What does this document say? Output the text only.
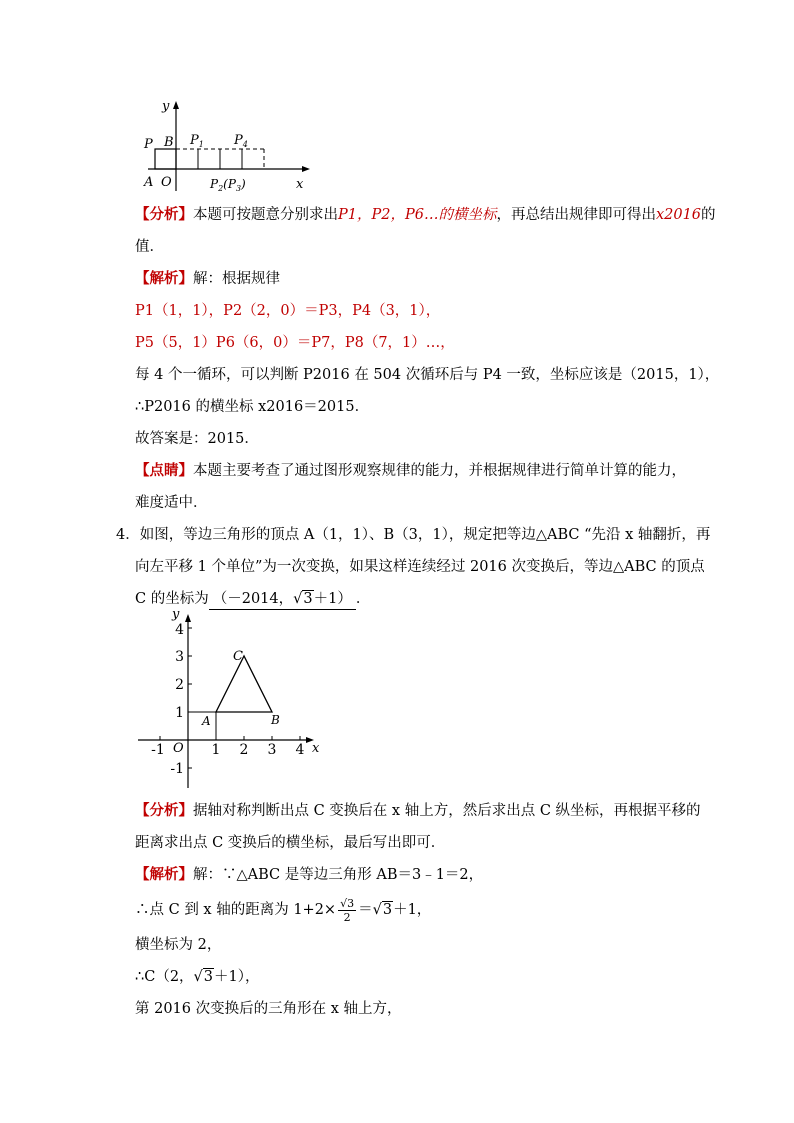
y
x
P B
A O
$P_1$ $P_4$
$P_2(P_3)$
【分析】本题可按题意分别求出P1，P2，P6…的横坐标，再总结出规律即可得出x2016的
值．
【解析】解：根据规律
P1（1，1），P2（2，0）＝P3，P4（3，1），
P5（5，1）P6（6，0）＝P7，P8（7，1）…，
每 4 个一循环，可以判断 P2016 在 504 次循环后与 P4 一致，坐标应该是（2015，1），
∴P2016 的横坐标 x2016＝2015．
故答案是：2015．
【点睛】本题主要考查了通过图形观察规律的能力，并根据规律进行简单计算的能力，
难度适中．
4．如图，等边三角形的顶点 A（1，1）、B（3，1），规定把等边△ABC “先沿 x 轴翻折，再
向左平移 1 个单位”为一次变换，如果这样连续经过 2016 次变换后，等边△ABC 的顶点
C 的坐标为 （－2014，√3＋1） ．
y
x
O
-1	1 2 3 4
-1
1
2
3
4
A	B
C
【分析】据轴对称判断出点 C 变换后在 x 轴上方，然后求出点 C 纵坐标，再根据平移的
距离求出点 C 变换后的横坐标，最后写出即可．
【解析】解：∵△ABC 是等边三角形 AB＝3﹣1＝2，
∴点 C 到 x 轴的距离为 $1+2\times \frac{√3}{2} =√3+1$，
横坐标为 2，
∴C（2，√3＋1），
第 2016 次变换后的三角形在 x 轴上方，
